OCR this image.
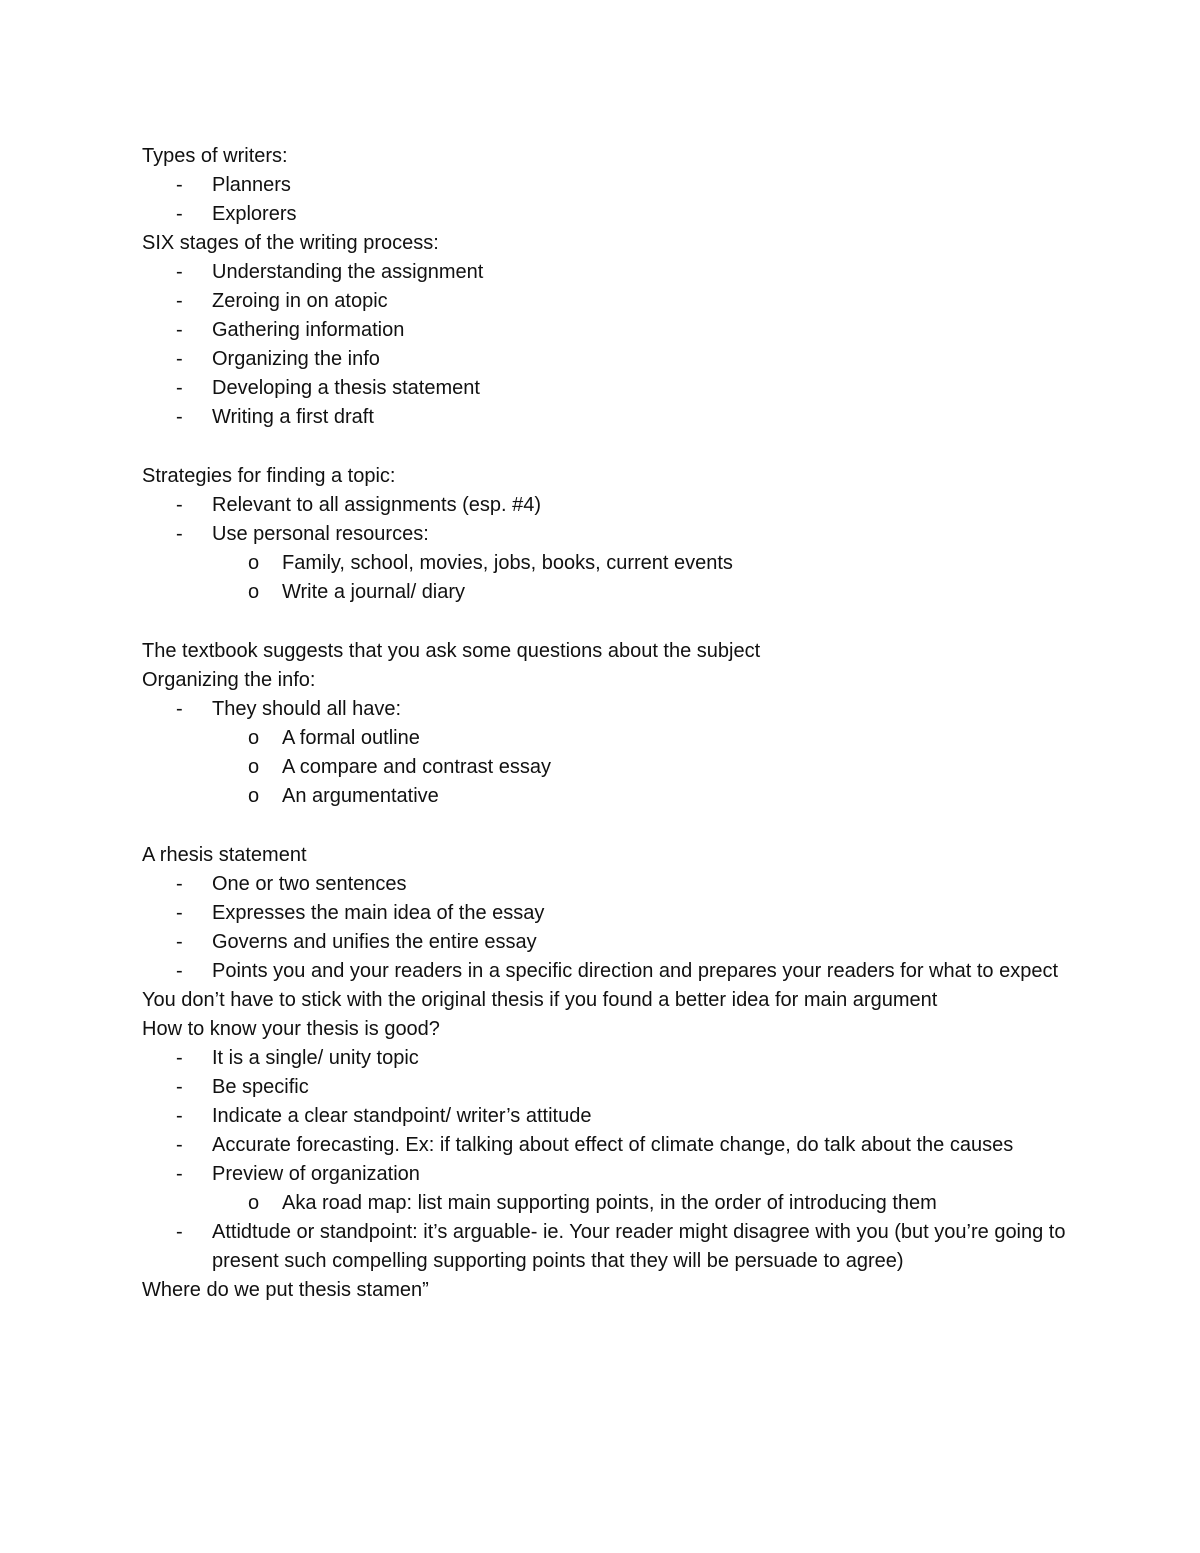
Types of writers:
- Planners
- Explorers
SIX stages of the writing process:
- Understanding the assignment
- Zeroing in on atopic
- Gathering information
- Organizing the info
- Developing a thesis statement
- Writing a first draft
Strategies for finding a topic:
- Relevant to all assignments (esp. #4)
- Use personal resources:
o Family, school, movies, jobs, books, current events
o Write a journal/ diary
The textbook suggests that you ask some questions about the subject
Organizing the info:
- They should all have:
o A formal outline
o A compare and contrast essay
o An argumentative
A rhesis statement
- One or two sentences
- Expresses the main idea of the essay
- Governs and unifies the entire essay
- Points you and your readers in a specific direction and prepares your readers for what to expect
You don’t have to stick with the original thesis if you found a better idea for main argument
How to know your thesis is good?
- It is a single/ unity topic
- Be specific
- Indicate a clear standpoint/ writer’s attitude
- Accurate forecasting. Ex: if talking about effect of climate change, do talk about the causes
- Preview of organization
o Aka road map: list main supporting points, in the order of introducing them
- Attidtude or standpoint: it’s arguable- ie. Your reader might disagree with you (but you’re going to present such compelling supporting points that they will be persuade to agree)
Where do we put thesis stamen”
